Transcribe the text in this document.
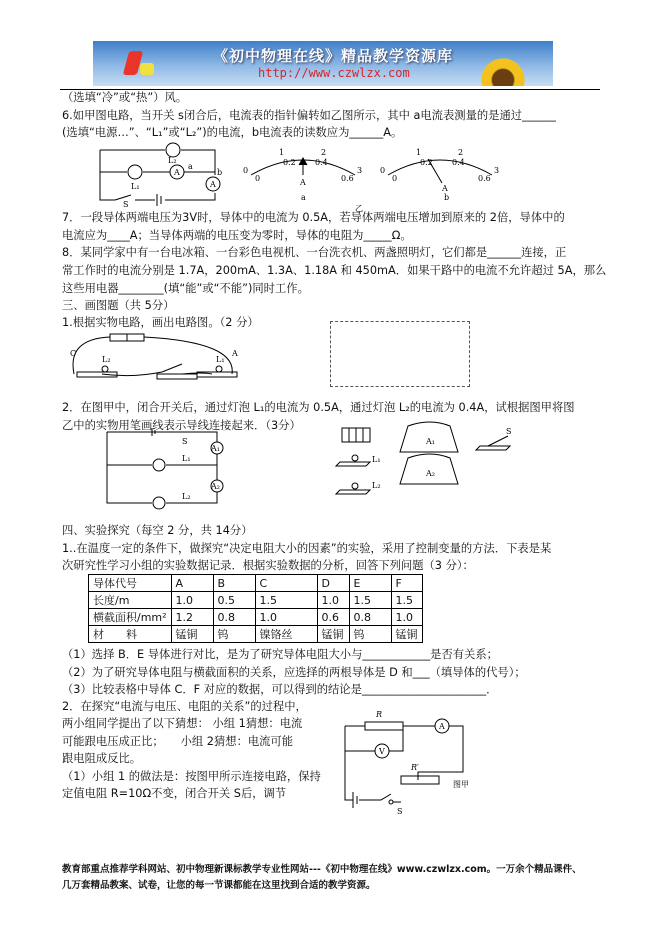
《初中物理在线》精品教学资源库
http://www.czwlzx.com
（选填“冷”或“热”）风。
6.如甲图电路，当开关 s闭合后，电流表的指针偏转如乙图所示，其中 a电流表测量的是通过______
(选填“电源…”、“L₁”或“L₂”)的电流，b电流表的读数应为______A。
L₂
L₁
A
A
a
b
S
0
1	2
3
0
0.2 0.4
0.6
A
a
乙
0
1	2
3
0
0.2 0.4
0.6
A
b
7．一段导体两端电压为3V时，导体中的电流为 0.5A，若导体两端电压增加到原来的 2倍，导体中的
电流应为____A；当导体两端的电压变为零时，导体的电阻为_____Ω。
8．某同学家中有一台电冰箱、一台彩色电视机、一台洗衣机、两盏照明灯，它们都是______连接，正
常工作时的电流分别是 1.7A，200mA、1.3A、1.18A 和 450mA．如果干路中的电流不允许超过 5A，那么
这些用电器________(填“能”或“不能”)同时工作。
三、画图题（共 5分）
1.根据实物电路，画出电路图。（2 分）
C	A
L₂	L₁
2．在图甲中，闭合开关后，通过灯泡 L₁的电流为 0.5A，通过灯泡 L₂的电流为 0.4A，试根据图甲将图
乙中的实物用笔画线表示导线连接起来．（3分）
S
A₁
A₂
L₁
L₂
L₁
L₂
A₁
A₂
S
四、实验探究（每空 2 分，共 14分）
1..在温度一定的条件下，做探究“决定电阻大小的因素”的实验，采用了控制变量的方法．下表是某
次研究性学习小组的实验数据记录．根据实验数据的分析，回答下列问题（3 分）：
导体代号	A	B	C	D	E	F
长度/m	1.0	0.5	1.5	1.0	1.5	1.5
横截面积/mm²	1.2	0.8	1.0	0.6	0.8	1.0
材　　料	锰铜	钨	镍铬丝	锰铜	钨	锰铜
（1）选择 B．E 导体进行对比，是为了研究导体电阻大小与____________是否有关系；
（2）为了研究导体电阻与横截面积的关系，应选择的两根导体是 D 和___（填导体的代号）；
（3）比较表格中导体 C．F 对应的数据，可以得到的结论是______________________．
2．在探究“电流与电压、电阻的关系”的过程中，
两小组同学提出了以下猜想： 小组 1猜想：电流
可能跟电压成正比；　　小组 2猜想：电流可能
跟电阻成反比。
（1）小组 1 的做法是：按图甲所示连接电路，保持
定值电阻 R=10Ω不变，闭合开关 S后，调节
R
R′
A
V
S
图甲
教育部重点推荐学科网站、初中物理新课标教学专业性网站---《初中物理在线》www.czwlzx.com。一万余个精品课件、
几万套精品教案、试卷，让您的每一节课都能在这里找到合适的教学资源。
